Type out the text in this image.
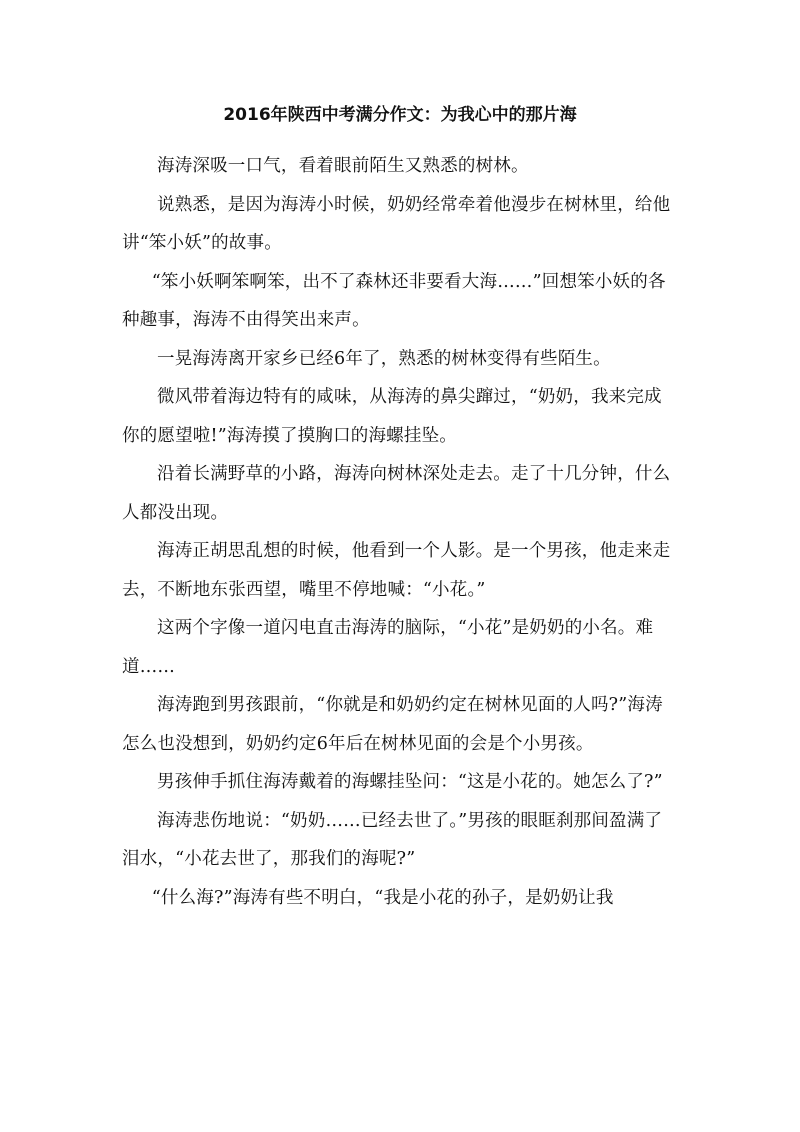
2016年陕西中考满分作文：为我心中的那片海

海涛深吸一口气，看着眼前陌生又熟悉的树林。

说熟悉，是因为海涛小时候，奶奶经常牵着他漫步在树林里，给他讲“笨小妖”的故事。

“笨小妖啊笨啊笨，出不了森林还非要看大海……”回想笨小妖的各种趣事，海涛不由得笑出来声。

一晃海涛离开家乡已经6年了，熟悉的树林变得有些陌生。

微风带着海边特有的咸味，从海涛的鼻尖蹿过，“奶奶，我来完成你的愿望啦!”海涛摸了摸胸口的海螺挂坠。

沿着长满野草的小路，海涛向树林深处走去。走了十几分钟，什么人都没出现。

海涛正胡思乱想的时候，他看到一个人影。是一个男孩，他走来走去，不断地东张西望，嘴里不停地喊：“小花。”

这两个字像一道闪电直击海涛的脑际，“小花”是奶奶的小名。难道……

海涛跑到男孩跟前，“你就是和奶奶约定在树林见面的人吗?”海涛怎么也没想到，奶奶约定6年后在树林见面的会是个小男孩。

男孩伸手抓住海涛戴着的海螺挂坠问：“这是小花的。她怎么了?”

海涛悲伤地说：“奶奶……已经去世了。”男孩的眼眶刹那间盈满了泪水，“小花去世了，那我们的海呢?”

“什么海?”海涛有些不明白，“我是小花的孙子，是奶奶让我
